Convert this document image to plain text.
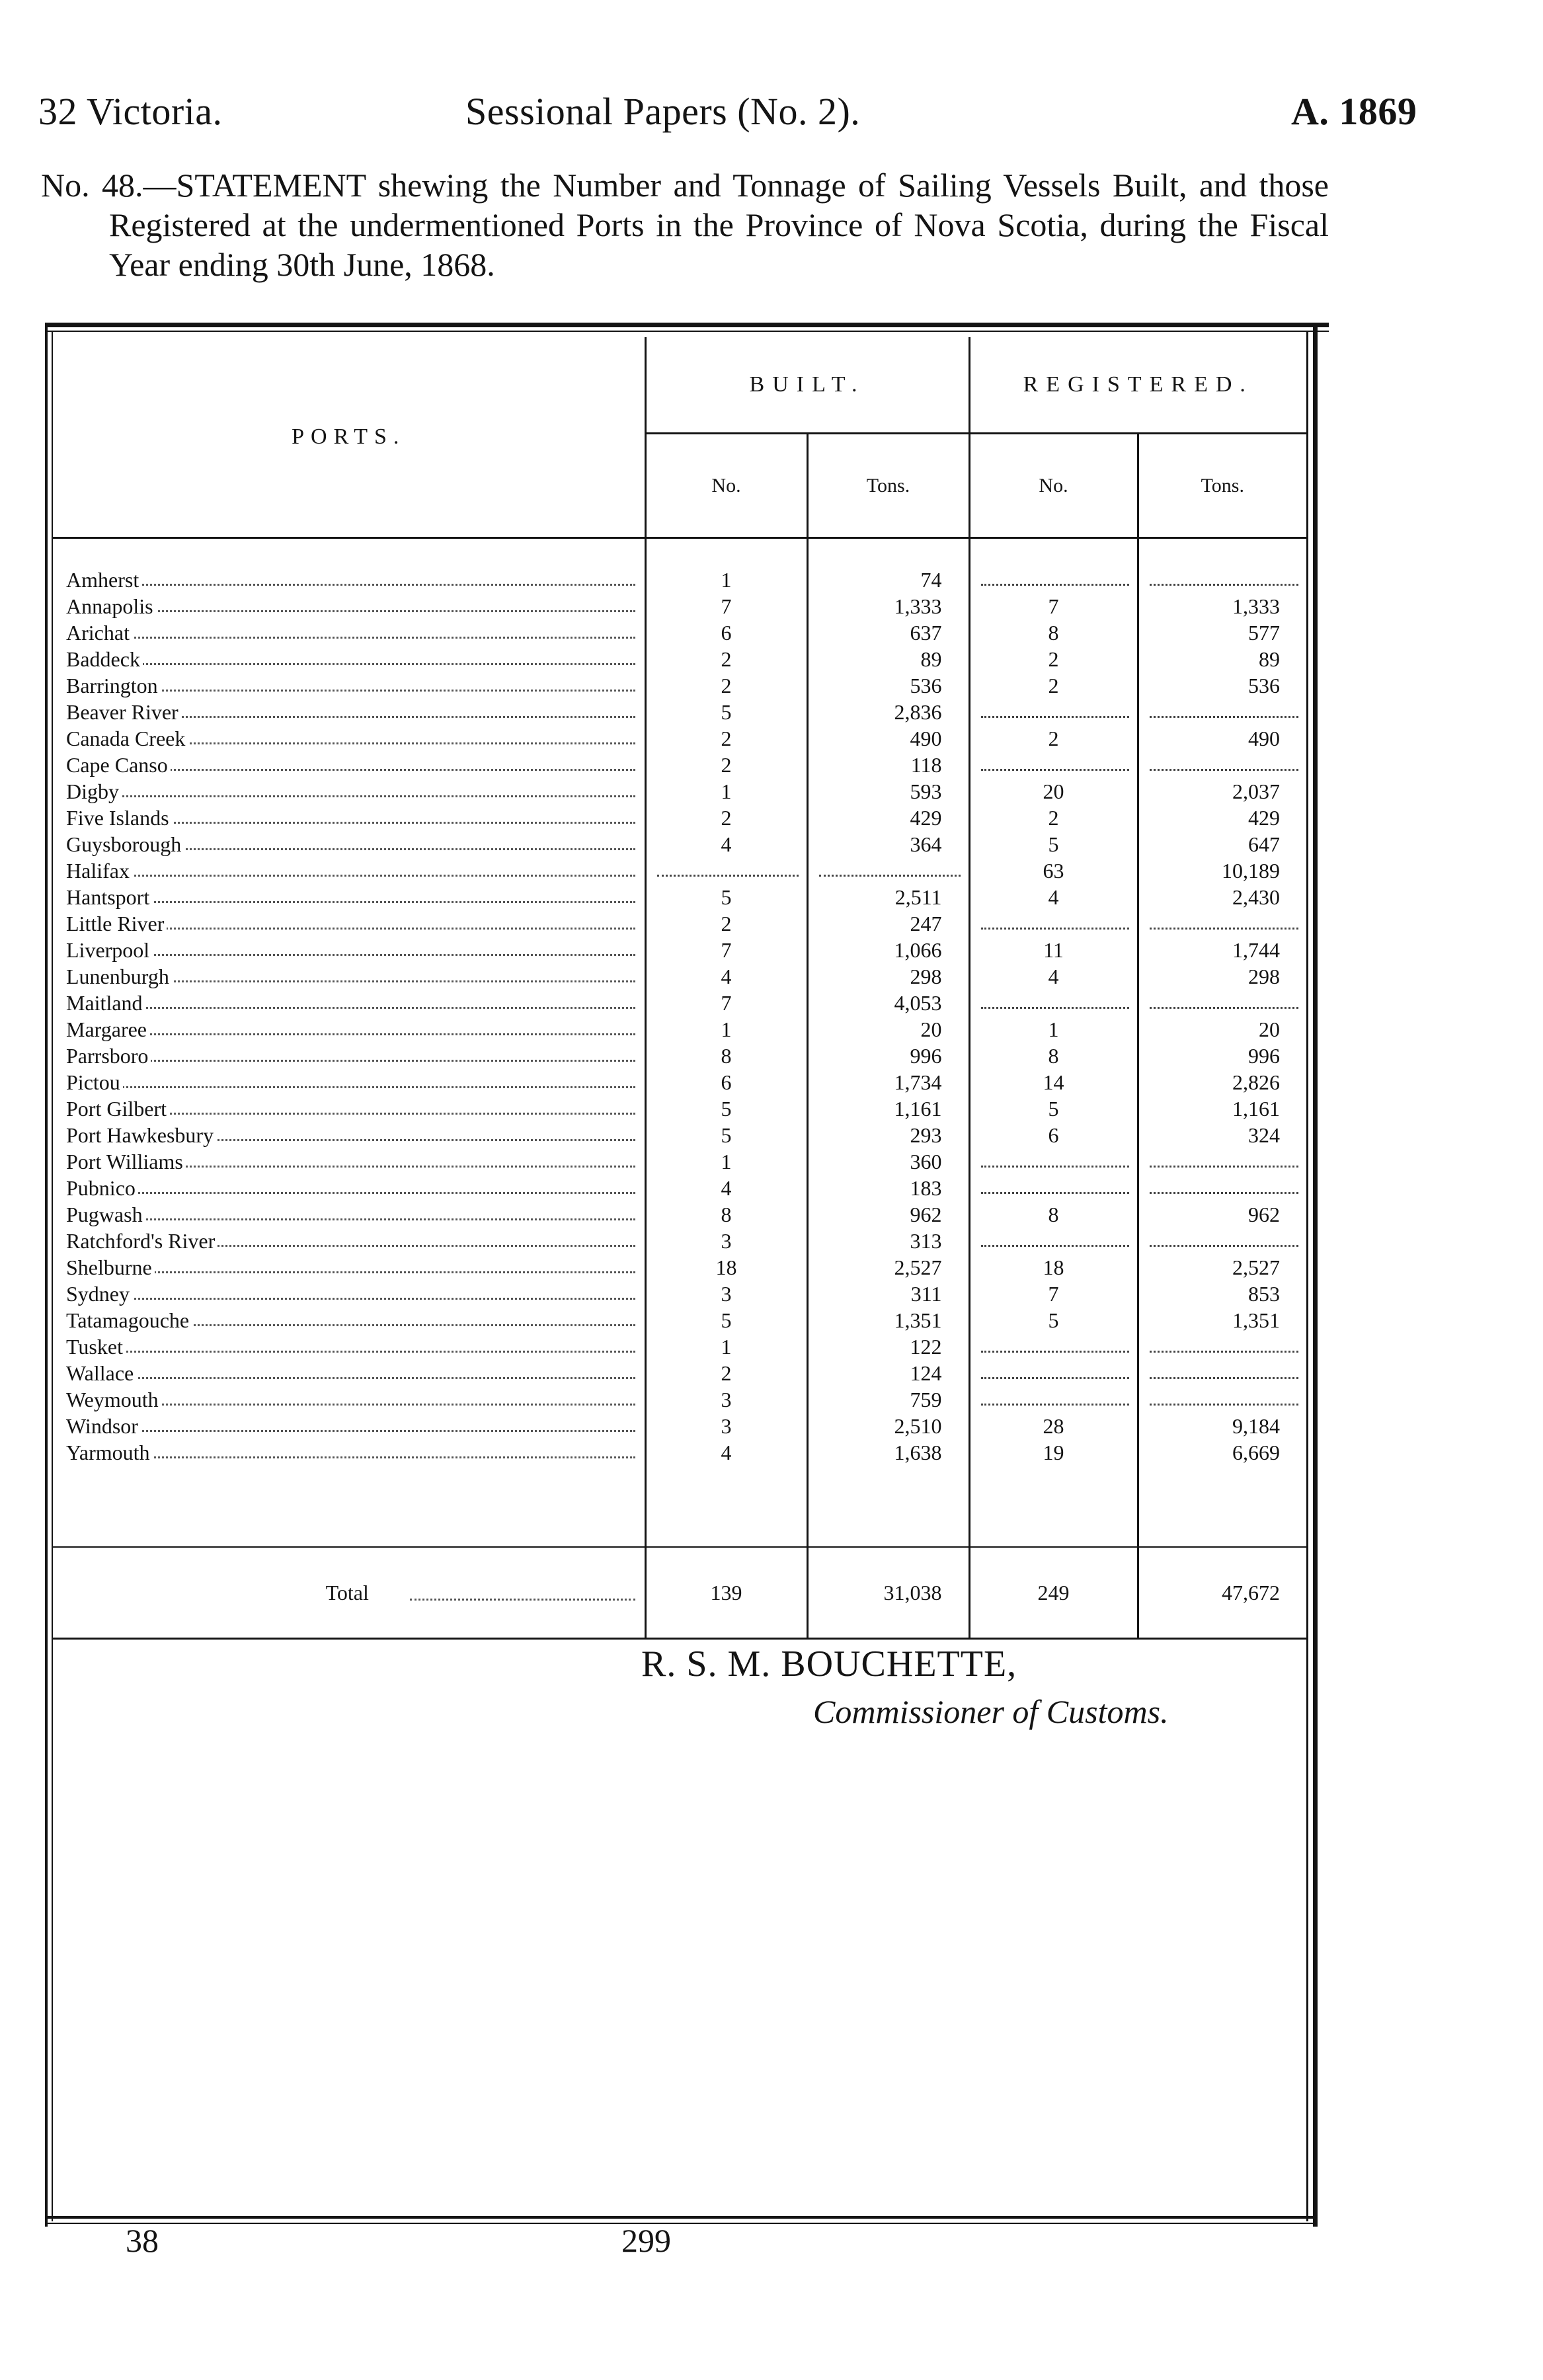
32 Victoria.	Sessional Papers (No. 2).	A. 1869
No. 48.—STATEMENT shewing the Number and Tonnage of Sailing Vessels Built, and those Registered at the undermentioned Ports in the Province of Nova Scotia, during the Fiscal Year ending 30th June, 1868.
PORTS.	BUILT.		REGISTERED.	
	No.	Tons.	No.	Tons.

Amherst	1	74		
Annapolis	7	1,333	7	1,333
Arichat	6	637	8	577
Baddeck	2	89	2	89
Barrington	2	536	2	536
Beaver River	5	2,836		
Canada Creek	2	490	2	490
Cape Canso	2	118		
Digby	1	593	20	2,037
Five Islands	2	429	2	429
Guysborough	4	364	5	647
Halifax			63	10,189
Hantsport	5	2,511	4	2,430
Little River	2	247		
Liverpool	7	1,066	11	1,744
Lunenburgh	4	298	4	298
Maitland	7	4,053		
Margaree	1	20	1	20
Parrsboro	8	996	8	996
Pictou	6	1,734	14	2,826
Port Gilbert	5	1,161	5	1,161
Port Hawkesbury	5	293	6	324
Port Williams	1	360		
Pubnico	4	183		
Pugwash	8	962	8	962
Ratchford's River	3	313		
Shelburne	18	2,527	18	2,527
Sydney	3	311	7	853
Tatamagouche	5	1,351	5	1,351
Tusket	1	122		
Wallace	2	124		
Weymouth	3	759		
Windsor	3	2,510	28	9,184
Yarmouth	4	1,638	19	6,669

Total	139	31,038	249	47,672
R. S. M. BOUCHETTE,
Commissioner of Customs.
38	299
